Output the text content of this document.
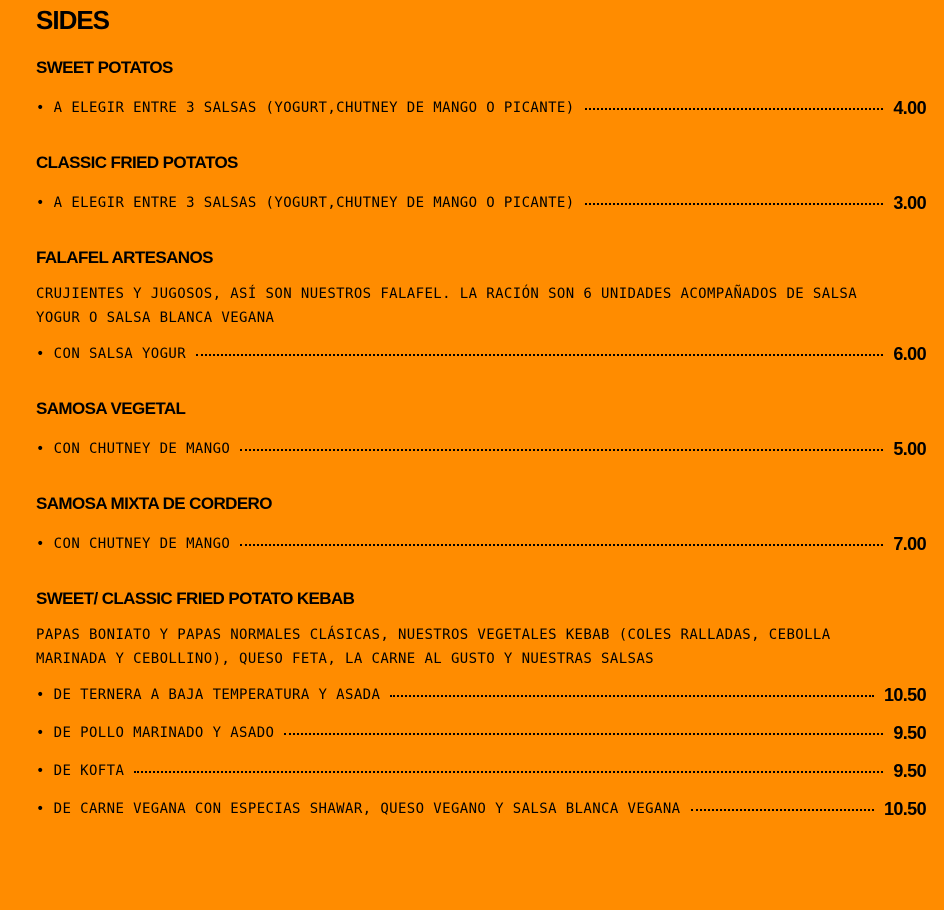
SIDES
SWEET POTATOS
• A ELEGIR ENTRE 3 SALSAS (YOGURT,CHUTNEY DE MANGO O PICANTE)	4.00
CLASSIC FRIED POTATOS
• A ELEGIR ENTRE 3 SALSAS (YOGURT,CHUTNEY DE MANGO O PICANTE)	3.00
FALAFEL ARTESANOS
CRUJIENTES Y JUGOSOS, ASÍ SON NUESTROS FALAFEL. LA RACIÓN SON 6 UNIDADES ACOMPAÑADOS DE SALSA YOGUR O SALSA BLANCA VEGANA
• CON SALSA YOGUR	6.00
SAMOSA VEGETAL
• CON CHUTNEY DE MANGO	5.00
SAMOSA MIXTA DE CORDERO
• CON CHUTNEY DE MANGO	7.00
SWEET/ CLASSIC FRIED POTATO KEBAB
PAPAS BONIATO Y PAPAS NORMALES CLÁSICAS, NUESTROS VEGETALES KEBAB (COLES RALLADAS, CEBOLLA MARINADA Y CEBOLLINO), QUESO FETA, LA CARNE AL GUSTO Y NUESTRAS SALSAS
• DE TERNERA A BAJA TEMPERATURA Y ASADA	10.50
• DE POLLO MARINADO Y ASADO	9.50
• DE KOFTA	9.50
• DE CARNE VEGANA CON ESPECIAS SHAWAR, QUESO VEGANO Y SALSA BLANCA VEGANA	10.50
